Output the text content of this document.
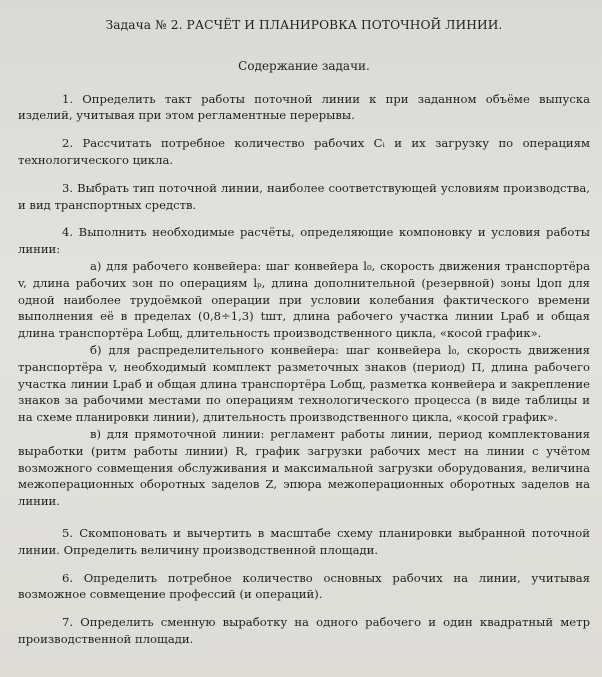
Задача № 2. РАСЧЁТ И ПЛАНИРОВКА ПОТОЧНОЙ ЛИНИИ.
Содержание задачи.

1. Определить такт работы поточной линии к при заданном объёме выпуска изделий, учитывая при этом регламентные перерывы.

2. Рассчитать потребное количество рабочих Cᵢ и их загрузку по операциям технологического цикла.

3. Выбрать тип поточной линии, наиболее соответствующей условиям производства, и вид транспортных средств.

4. Выполнить необходимые расчёты, определяющие компоновку и условия работы линии:

а) для рабочего конвейера: шаг конвейера l₀, скорость движения транспортёра v, длина рабочих зон по операциям lₚ, длина дополнительной (резервной) зоны lдоп для одной наиболее трудоёмкой операции при условии колебания фактического времени выполнения её в пределах (0,8÷1,3) tшт, длина рабочего участка линии Lраб и общая длина транспортёра Lобщ, длительность производственного цикла, «косой график».

б) для распределительного конвейера: шаг конвейера l₀, скорость движения транспортёра v, необходимый комплект разметочных знаков (период) П, длина рабочего участка линии Lраб и общая длина транспортёра Lобщ, разметка конвейера и закрепление знаков за рабочими местами по операциям технологического процесса (в виде таблицы и на схеме планировки линии), длительность производственного цикла, «косой график».

в) для прямоточной линии: регламент работы линии, период комплектования выработки (ритм работы линии) R, график загрузки рабочих мест на линии с учётом возможного совмещения обслуживания и максимальной загрузки оборудования, величина межоперационных оборотных заделов Z, эпюра межоперационных оборотных заделов на линии.

5. Скомпоновать и вычертить в масштабе схему планировки выбранной поточной линии. Определить величину производственной площади.

6. Определить потребное количество основных рабочих на линии, учитывая возможное совмещение профессий (и операций).

7. Определить сменную выработку на одного рабочего и один квадратный метр производственной площади.
